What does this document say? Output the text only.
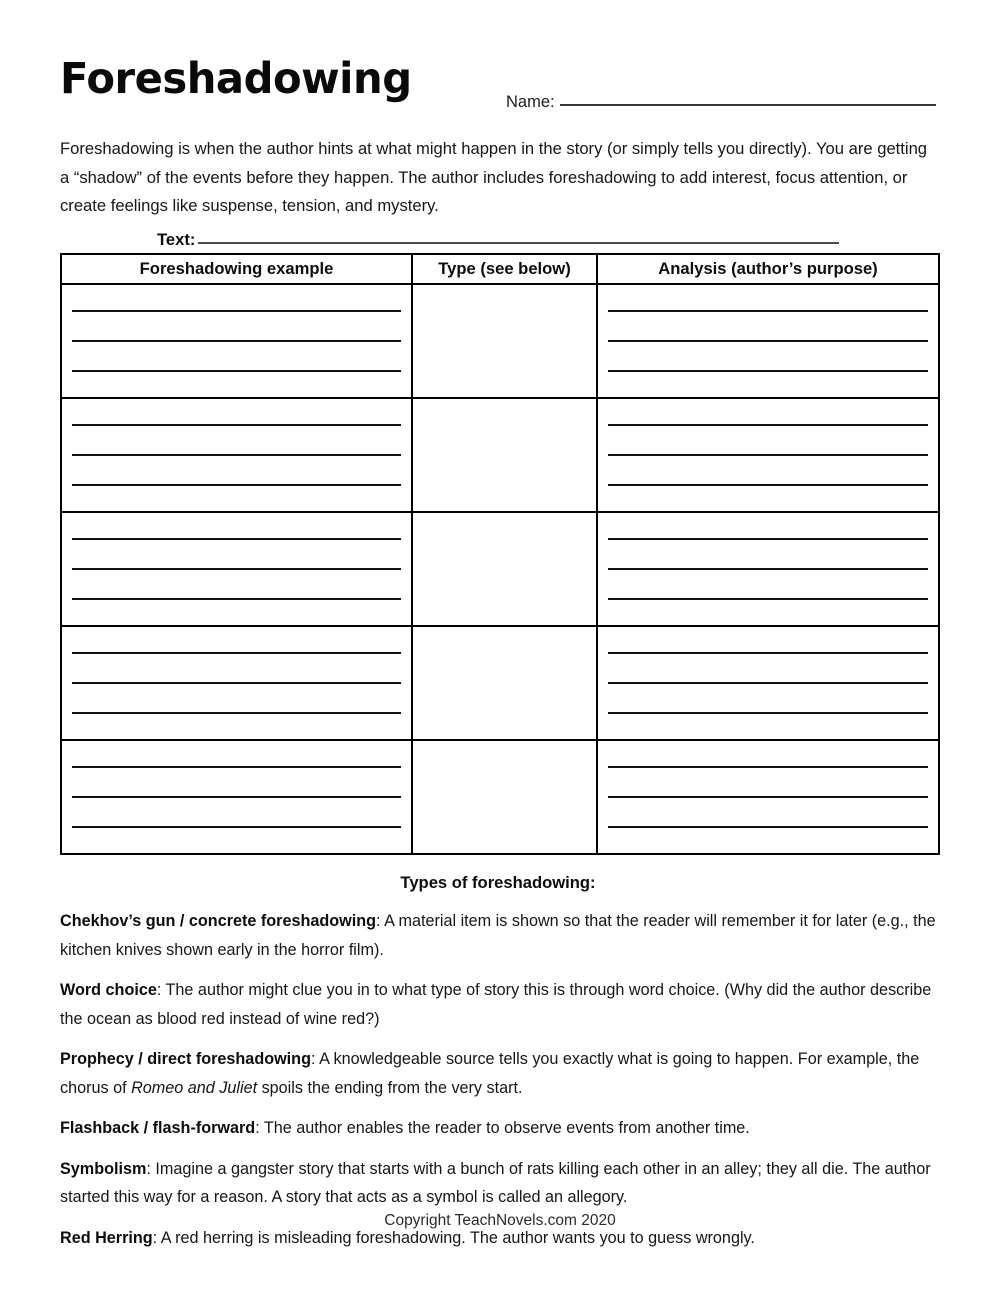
Foreshadowing	Name:
Foreshadowing is when the author hints at what might happen in the story (or simply tells you directly). You are getting a “shadow” of the events before they happen. The author includes foreshadowing to add interest, focus attention, or create feelings like suspense, tension, and mystery.
Text:
Foreshadowing example	Type (see below)	Analysis (author’s purpose)

Types of foreshadowing:
Chekhov’s gun / concrete foreshadowing: A material item is shown so that the reader will remember it for later (e.g., the kitchen knives shown early in the horror film).
Word choice: The author might clue you in to what type of story this is through word choice. (Why did the author describe the ocean as blood red instead of wine red?)
Prophecy / direct foreshadowing: A knowledgeable source tells you exactly what is going to happen. For example, the chorus of Romeo and Juliet spoils the ending from the very start.
Flashback / flash-forward: The author enables the reader to observe events from another time.
Symbolism: Imagine a gangster story that starts with a bunch of rats killing each other in an alley; they all die. The author started this way for a reason. A story that acts as a symbol is called an allegory.
Red Herring: A red herring is misleading foreshadowing. The author wants you to guess wrongly.
Copyright TeachNovels.com 2020
